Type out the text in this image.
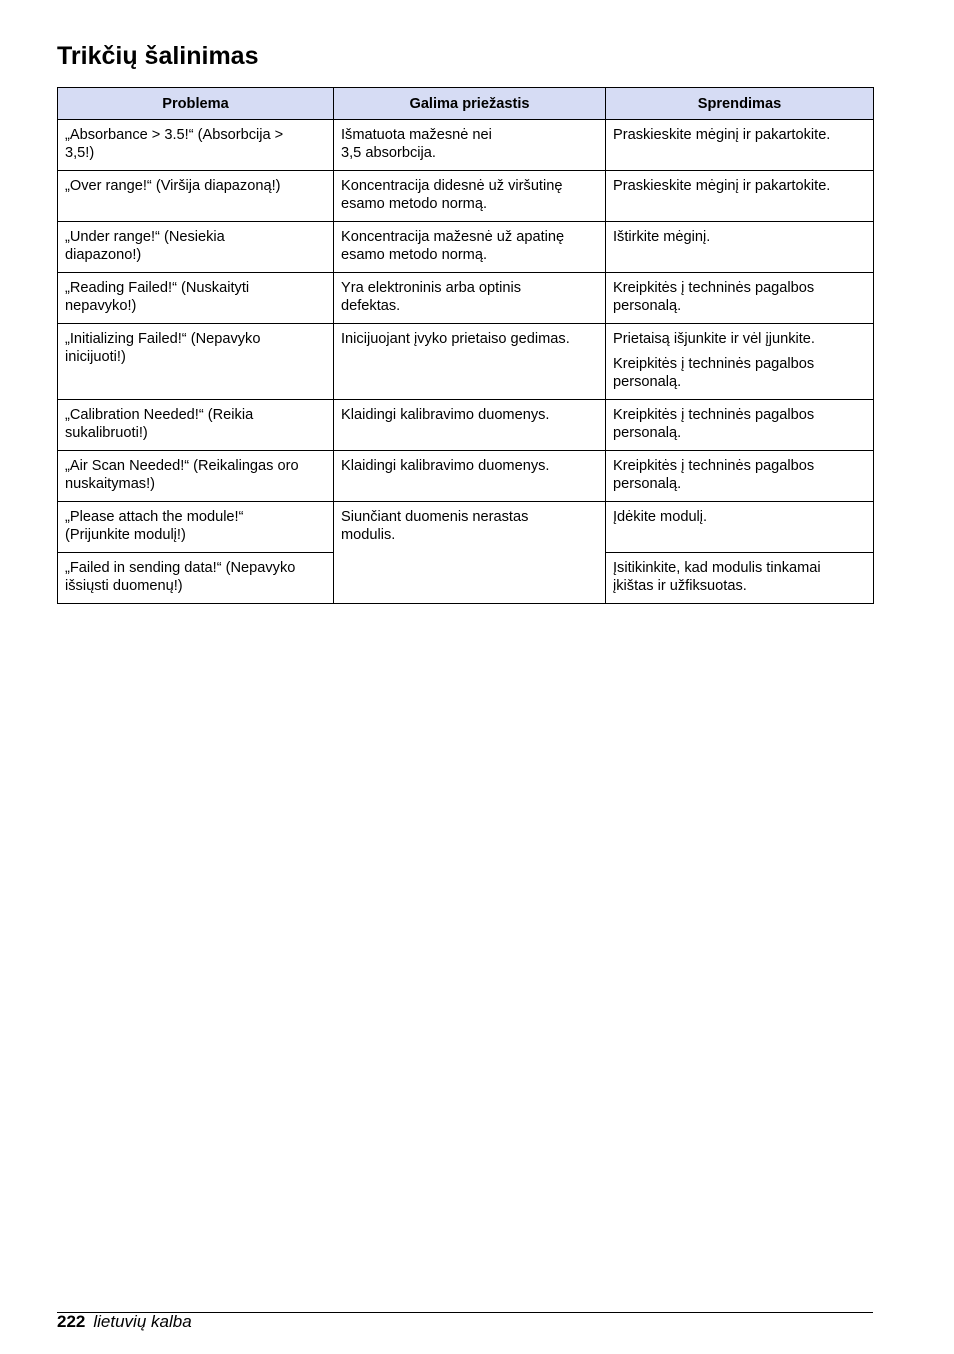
Trikčių šalinimas
Problema	Galima priežastis	Sprendimas

„Absorbance > 3.5!“ (Absorbcija >
3,5!)	Išmatuota mažesnė nei
3,5 absorbcija.	Praskieskite mėginį ir pakartokite.

„Over range!“ (Viršija diapazoną!)	Koncentracija didesnė už viršutinę
esamo metodo normą.	Praskieskite mėginį ir pakartokite.

„Under range!“ (Nesiekia
diapazono!)	Koncentracija mažesnė už apatinę
esamo metodo normą.	Ištirkite mėginį.

„Reading Failed!“ (Nuskaityti
nepavyko!)	Yra elektroninis arba optinis
defektas.	Kreipkitės į techninės pagalbos
personalą.

„Initializing Failed!“ (Nepavyko
inicijuoti!)	Inicijuojant įvyko prietaiso gedimas.	Prietaisą išjunkite ir vėl įjunkite.
Kreipkitės į techninės pagalbos
personalą.

„Calibration Needed!“ (Reikia
sukalibruoti!)	Klaidingi kalibravimo duomenys.	Kreipkitės į techninės pagalbos
personalą.

„Air Scan Needed!“ (Reikalingas oro
nuskaitymas!)	Klaidingi kalibravimo duomenys.	Kreipkitės į techninės pagalbos
personalą.

„Please attach the module!“
(Prijunkite modulį!)	Siunčiant duomenis nerastas
modulis.	Įdėkite modulį.

„Failed in sending data!“ (Nepavyko
išsiųsti duomenų!)		Įsitikinkite, kad modulis tinkamai
įkištas ir užfiksuotas.
222 lietuvių kalba
